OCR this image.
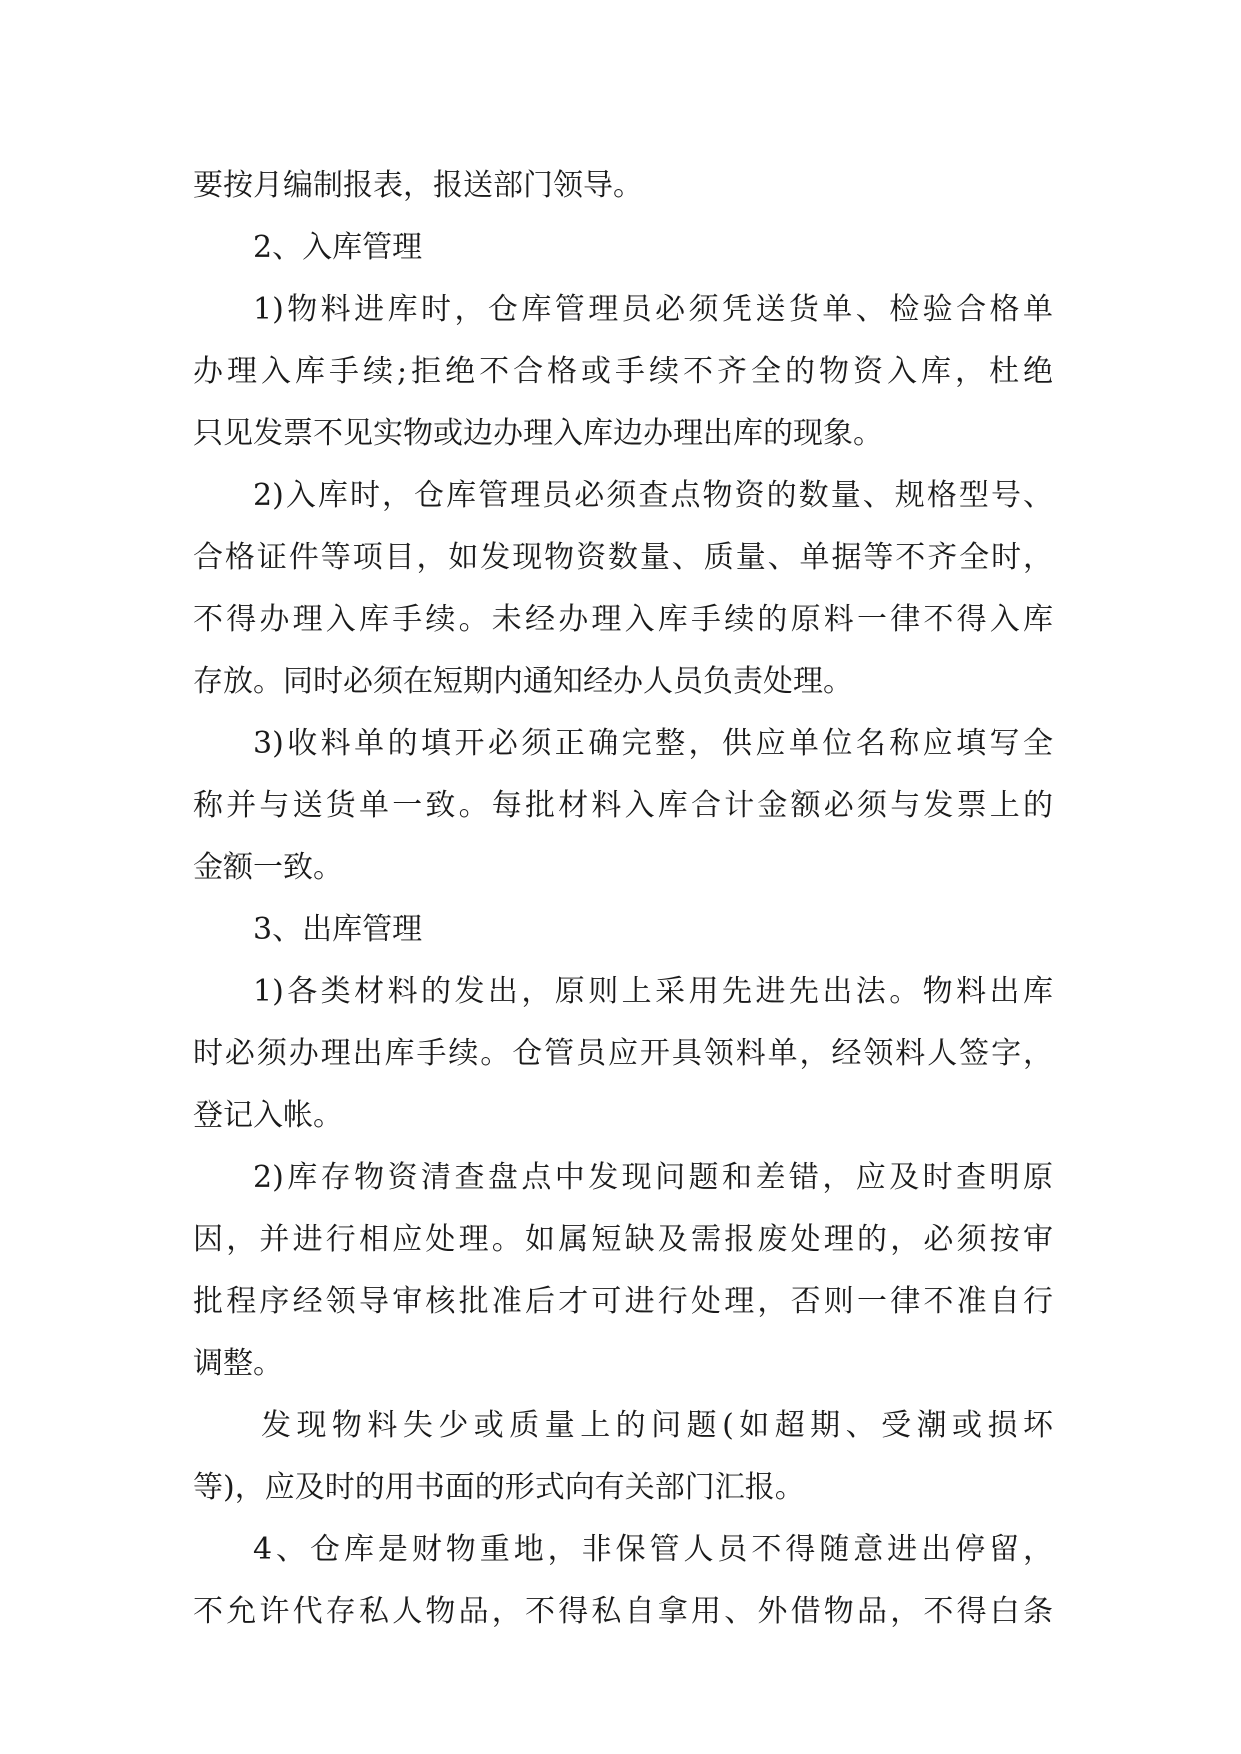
要按月编制报表，报送部门领导。
2、入库管理
1)物料进库时，仓库管理员必须凭送货单、检验合格单
办理入库手续;拒绝不合格或手续不齐全的物资入库，杜绝
只见发票不见实物或边办理入库边办理出库的现象。
2)入库时，仓库管理员必须查点物资的数量、规格型号、
合格证件等项目，如发现物资数量、质量、单据等不齐全时，
不得办理入库手续。未经办理入库手续的原料一律不得入库
存放。同时必须在短期内通知经办人员负责处理。
3)收料单的填开必须正确完整，供应单位名称应填写全
称并与送货单一致。每批材料入库合计金额必须与发票上的
金额一致。
3、出库管理
1)各类材料的发出，原则上采用先进先出法。物料出库
时必须办理出库手续。仓管员应开具领料单，经领料人签字，
登记入帐。
2)库存物资清查盘点中发现问题和差错，应及时查明原
因，并进行相应处理。如属短缺及需报废处理的，必须按审
批程序经领导审核批准后才可进行处理，否则一律不准自行
调整。
发现物料失少或质量上的问题(如超期、受潮或损坏
等)，应及时的用书面的形式向有关部门汇报。
4、仓库是财物重地，非保管人员不得随意进出停留，
不允许代存私人物品，不得私自拿用、外借物品，不得白条
